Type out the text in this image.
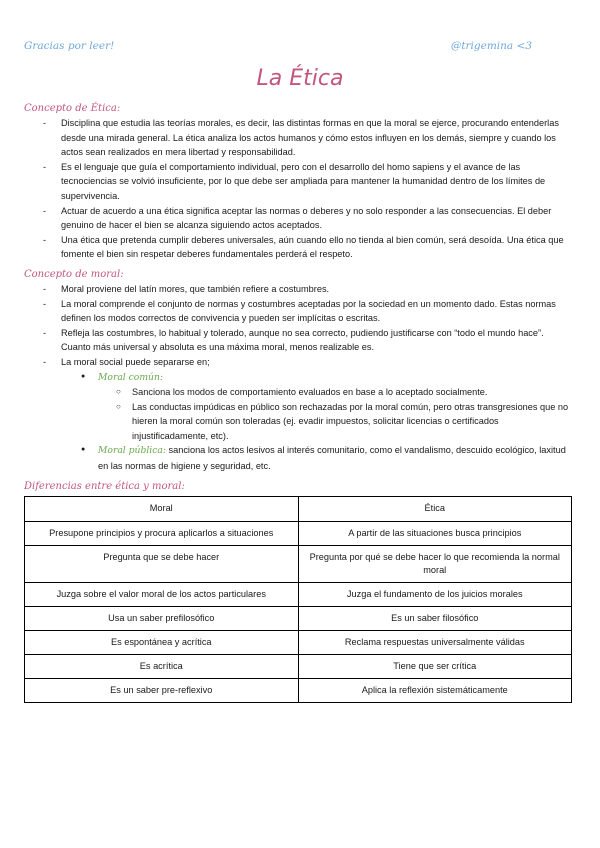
Gracias por leer!	@trigemina <3
La Ética

Concepto de Ética:

- Disciplina que estudia las teorías morales, es decir, las distintas formas en que la moral se ejerce, procurando entenderlas desde una mirada general. La ética analiza los actos humanos y cómo estos influyen en los demás, siempre y cuando los actos sean realizados en mera libertad y responsabilidad.
- Es el lenguaje que guía el comportamiento individual, pero con el desarrollo del homo sapiens y el avance de las tecnociencias se volvió insuficiente, por lo que debe ser ampliada para mantener la humanidad dentro de los límites de supervivencia.
- Actuar de acuerdo a una ética significa aceptar las normas o deberes y no solo responder a las consecuencias. El deber genuino de hacer el bien se alcanza siguiendo actos aceptados.
- Una ética que pretenda cumplir deberes universales, aún cuando ello no tienda al bien común, será desoída. Una ética que fomente el bien sin respetar deberes fundamentales perderá el respeto.

Concepto de moral:

- Moral proviene del latín mores, que también refiere a costumbres.
- La moral comprende el conjunto de normas y costumbres aceptadas por la sociedad en un momento dado. Estas normas definen los modos correctos de convivencia y pueden ser implícitas o escritas.
- Refleja las costumbres, lo habitual y tolerado, aunque no sea correcto, pudiendo justificarse con “todo el mundo hace”. Cuanto más universal y absoluta es una máxima moral, menos realizable es.
- La moral social puede separarse en;
● Moral común:
○ Sanciona los modos de comportamiento evaluados en base a lo aceptado socialmente.
○ Las conductas impúdicas en público son rechazadas por la moral común, pero otras transgresiones que no hieren la moral común son toleradas (ej. evadir impuestos, solicitar licencias o certificados injustificadamente, etc).
● Moral pública: sanciona los actos lesivos al interés comunitario, como el vandalismo, descuido ecológico, laxitud en las normas de higiene y seguridad, etc.

Diferencias entre ética y moral:

Moral	Ética
Presupone principios y procura aplicarlos a situaciones	A partir de las situaciones busca principios
Pregunta que se debe hacer	Pregunta por qué se debe hacer lo que recomienda la normal moral
Juzga sobre el valor moral de los actos particulares	Juzga el fundamento de los juicios morales
Usa un saber prefilosófico	Es un saber filosófico
Es espontánea y acrítica	Reclama respuestas universalmente válidas
Es acrítica	Tiene que ser crítica
Es un saber pre-reflexivo	Aplica la reflexión sistemáticamente
